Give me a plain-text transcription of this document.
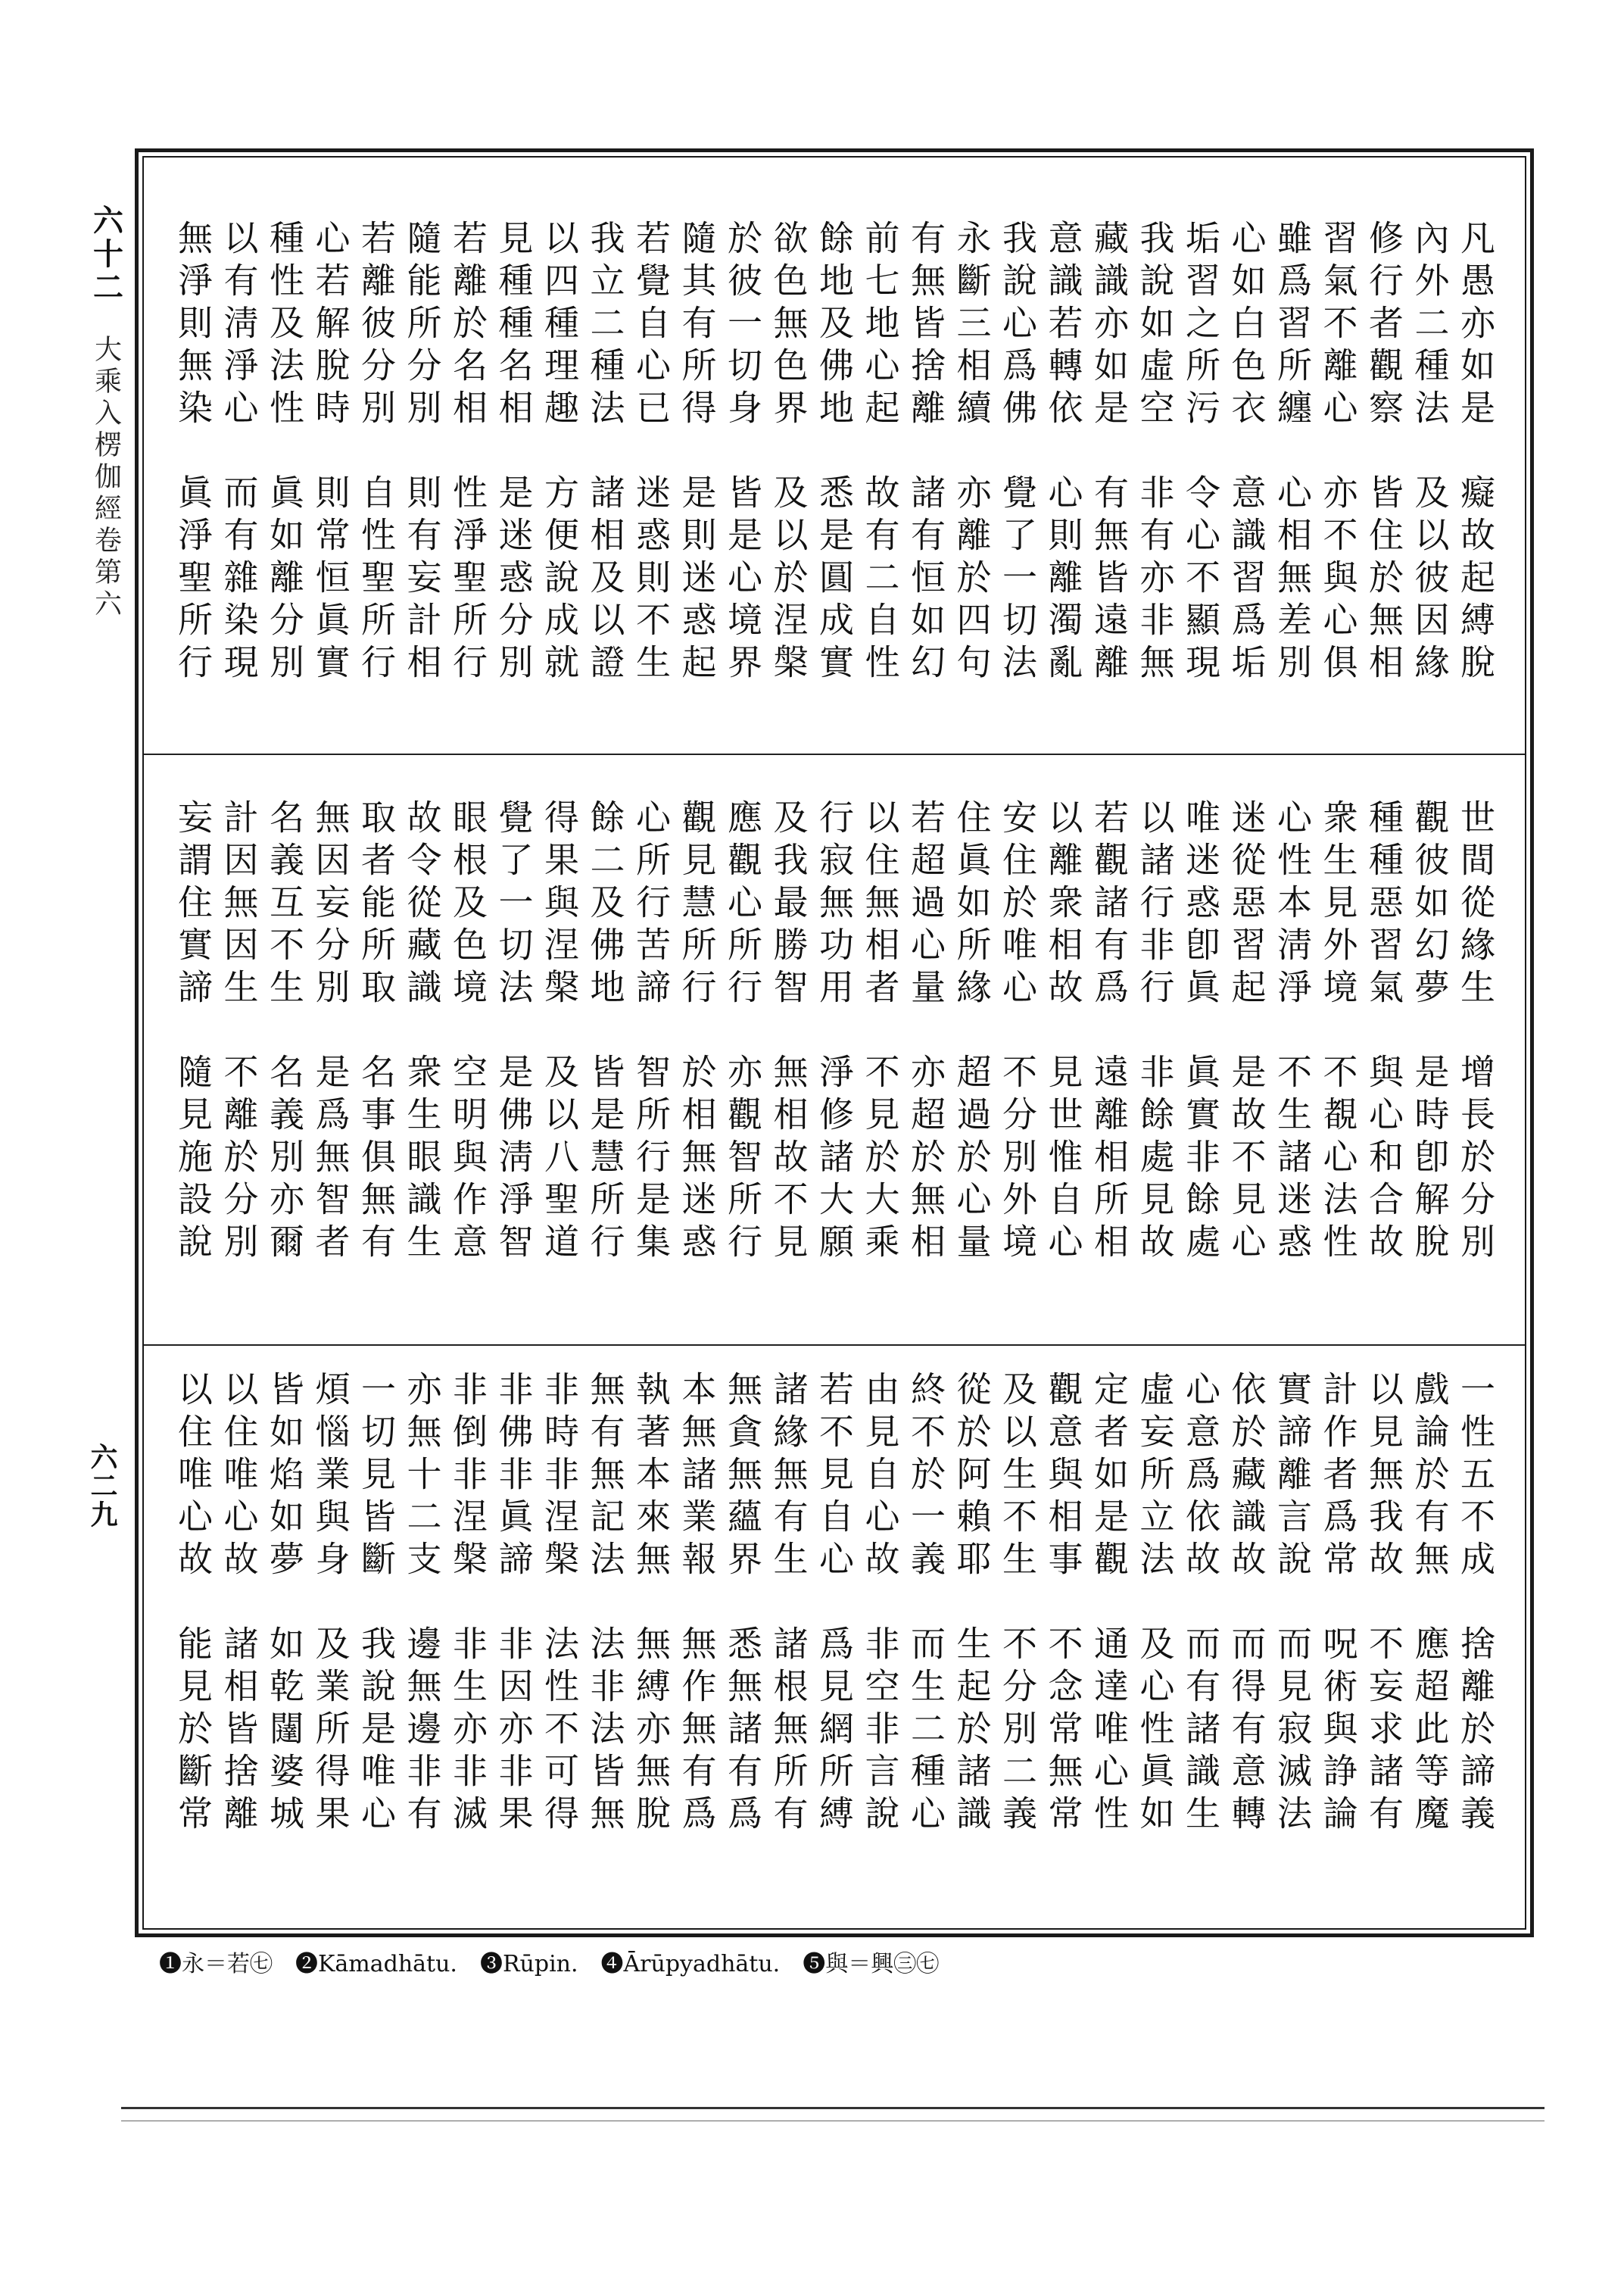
六十二
大乘入楞伽經卷第六
六二九
凡愚亦如是　癡故起縛脫
內外二種法　及以彼因緣
修行者觀察　皆住於無相
習氣不離心　亦不與心俱
雖爲習所纏　心相無差別
心如白色衣　意識習爲垢
垢習之所污　令心不顯現
我說如虛空　非有亦非無
藏識亦如是　有無皆遠離
意識若轉依　心則離濁亂
我說心爲佛　覺了一切法
永斷三相續　亦離於四句
有無皆捨離　諸有恒如幻
前七地心起　故有二自性
餘地及佛地　悉是圓成實
欲色無色界　及以於涅槃
於彼一切身　皆是心境界
隨其有所得　是則迷惑起
若覺自心已　迷惑則不生
我立二種法　諸相及以證
以四種理趣　方便說成就
見種種名相　是迷惑分別
若離於名相　性淨聖所行
隨能所分別　則有妄計相
若離彼分別　自性聖所行
心若解脫時　則常恒眞實
種性及法性　眞如離分別
以有淸淨心　而有雜染現
無淨則無染　眞淨聖所行
世間從緣生　增長於分別
觀彼如幻夢　是時卽解脫
種種惡習氣　與心和合故
衆生見外境　不覩心法性
心性本淸淨　不生諸迷惑
迷從惡習起　是故不見心
唯迷惑卽眞　眞實非餘處
以諸行非行　非餘處見故
若觀諸有爲　遠離相所相
以離衆相故　見世惟自心
安住於唯心　不分別外境
住眞如所緣　超過於心量
若超過心量　亦超於無相
以住無相者　不見於大乘
行寂無功用　淨修諸大願
及我最勝智　無相故不見
應觀心所行　亦觀智所行
觀見慧所行　於相無迷惑
心所行苦諦　智所行是集
餘二及佛地　皆是慧所行
得果與涅槃　及以八聖道
覺了一切法　是佛淸淨智
眼根及色境　空明與作意
故令從藏識　衆生眼識生
取者能所取　名事俱無有
無因妄分別　是爲無智者
名義互不生　名義別亦爾
計因無因生　不離於分別
妄謂住實諦　隨見施設說
一性五不成　捨離於諦義
戲論於有無　應超此等魔
以見無我故　不妄求諸有
計作者爲常　呪術與諍論
實諦離言說　而見寂滅法
依於藏識故　而得有意轉
心意爲依故　而有諸識生
虛妄所立法　及心性眞如
定者如是觀　通達唯心性
觀意與相事　不念常無常
及以生不生　不分別二義
從於阿賴耶　生起於諸識
終不於一義　而生二種心
由見自心故　非空非言說
若不見自心　爲見網所縛
諸緣無有生　諸根無所有
無貪無蘊界　悉無諸有爲
本無諸業報　無作無有爲
執著本來無　無縛亦無脫
無有無記法　法非法皆無
非時非涅槃　法性不可得
非佛非眞諦　非因亦非果
非倒非涅槃　非生亦非滅
亦無十二支　邊無邊非有
一切見皆斷　我說是唯心
煩惱業與身　及業所得果
皆如焰如夢　如乾闥婆城
以住唯心故　諸相皆捨離
以住唯心故　能見於斷常
❶永＝若㊆　❷Kāmadhātu.　❸Rūpin.　❹Ārūpyadhātu.　❺與＝興㊂㊆
